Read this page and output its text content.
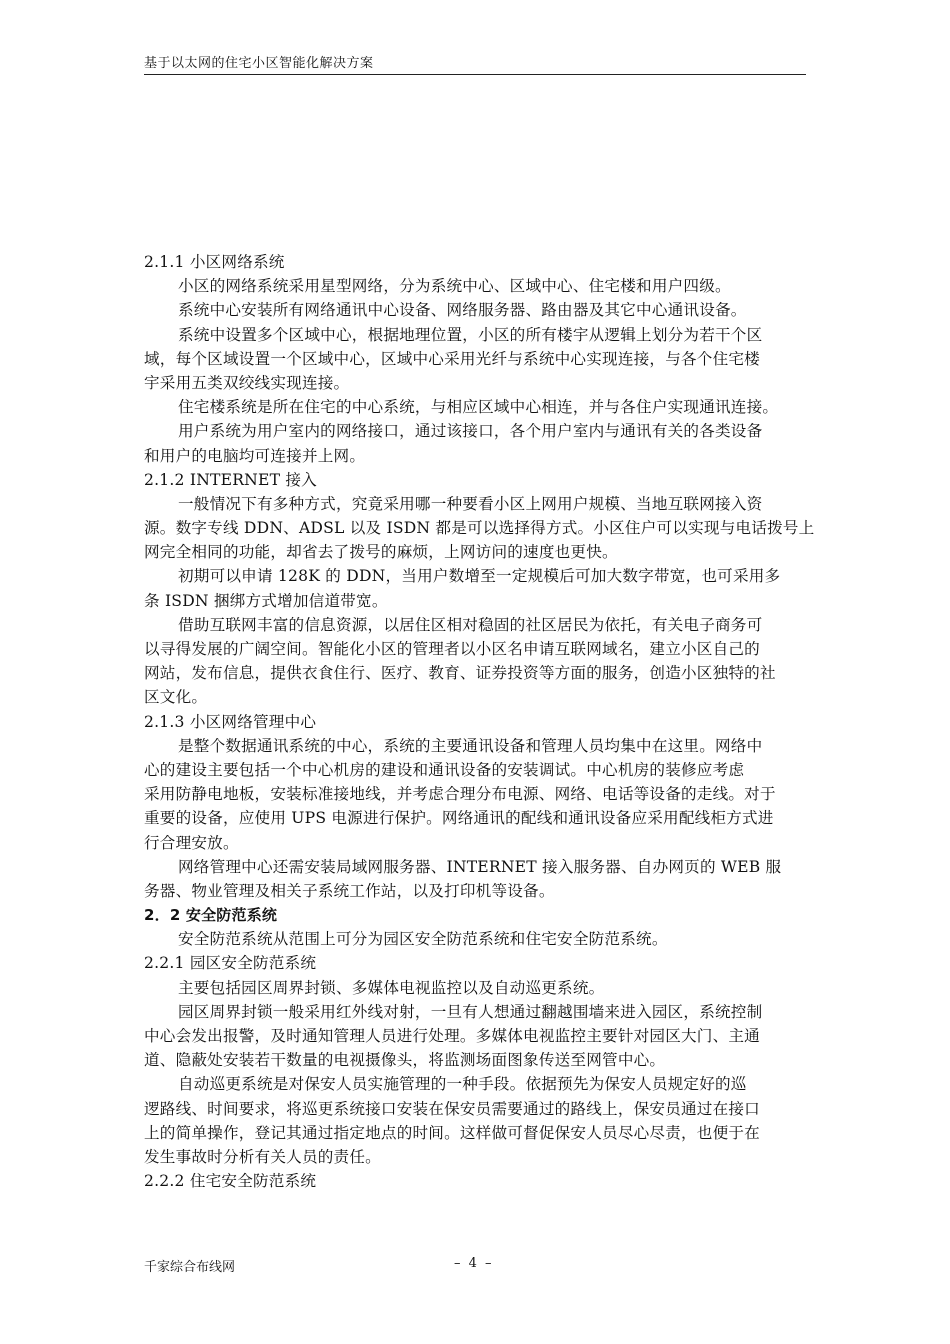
基于以太网的住宅小区智能化解决方案
2.1.1 小区网络系统
小区的网络系统采用星型网络，分为系统中心、区域中心、住宅楼和用户四级。
系统中心安装所有网络通讯中心设备、网络服务器、路由器及其它中心通讯设备。
系统中设置多个区域中心，根据地理位置，小区的所有楼宇从逻辑上划分为若干个区
域，每个区域设置一个区域中心，区域中心采用光纤与系统中心实现连接，与各个住宅楼
宇采用五类双绞线实现连接。
住宅楼系统是所在住宅的中心系统，与相应区域中心相连，并与各住户实现通讯连接。
用户系统为用户室内的网络接口，通过该接口，各个用户室内与通讯有关的各类设备
和用户的电脑均可连接并上网。
2.1.2 INTERNET 接入
一般情况下有多种方式，究竟采用哪一种要看小区上网用户规模、当地互联网接入资
源。数字专线 DDN、ADSL 以及 ISDN 都是可以选择得方式。小区住户可以实现与电话拨号上
网完全相同的功能，却省去了拨号的麻烦，上网访问的速度也更快。
初期可以申请 128K 的 DDN，当用户数增至一定规模后可加大数字带宽，也可采用多
条 ISDN 捆绑方式增加信道带宽。
借助互联网丰富的信息资源，以居住区相对稳固的社区居民为依托，有关电子商务可
以寻得发展的广阔空间。智能化小区的管理者以小区名申请互联网域名，建立小区自己的
网站，发布信息，提供衣食住行、医疗、教育、证券投资等方面的服务，创造小区独特的社
区文化。
2.1.3 小区网络管理中心
是整个数据通讯系统的中心，系统的主要通讯设备和管理人员均集中在这里。网络中
心的建设主要包括一个中心机房的建设和通讯设备的安装调试。中心机房的装修应考虑
采用防静电地板，安装标准接地线，并考虑合理分布电源、网络、电话等设备的走线。对于
重要的设备，应使用 UPS 电源进行保护。网络通讯的配线和通讯设备应采用配线柜方式进
行合理安放。
网络管理中心还需安装局域网服务器、INTERNET 接入服务器、自办网页的 WEB 服
务器、物业管理及相关子系统工作站，以及打印机等设备。
2．2 安全防范系统
安全防范系统从范围上可分为园区安全防范系统和住宅安全防范系统。
2.2.1 园区安全防范系统
主要包括园区周界封锁、多媒体电视监控以及自动巡更系统。
园区周界封锁一般采用红外线对射，一旦有人想通过翻越围墙来进入园区，系统控制
中心会发出报警，及时通知管理人员进行处理。多媒体电视监控主要针对园区大门、主通
道、隐蔽处安装若干数量的电视摄像头，将监测场面图象传送至网管中心。
自动巡更系统是对保安人员实施管理的一种手段。依据预先为保安人员规定好的巡
逻路线、时间要求，将巡更系统接口安装在保安员需要通过的路线上，保安员通过在接口
上的简单操作，登记其通过指定地点的时间。这样做可督促保安人员尽心尽责，也便于在
发生事故时分析有关人员的责任。
2.2.2 住宅安全防范系统
千家综合布线网	– 4 –
